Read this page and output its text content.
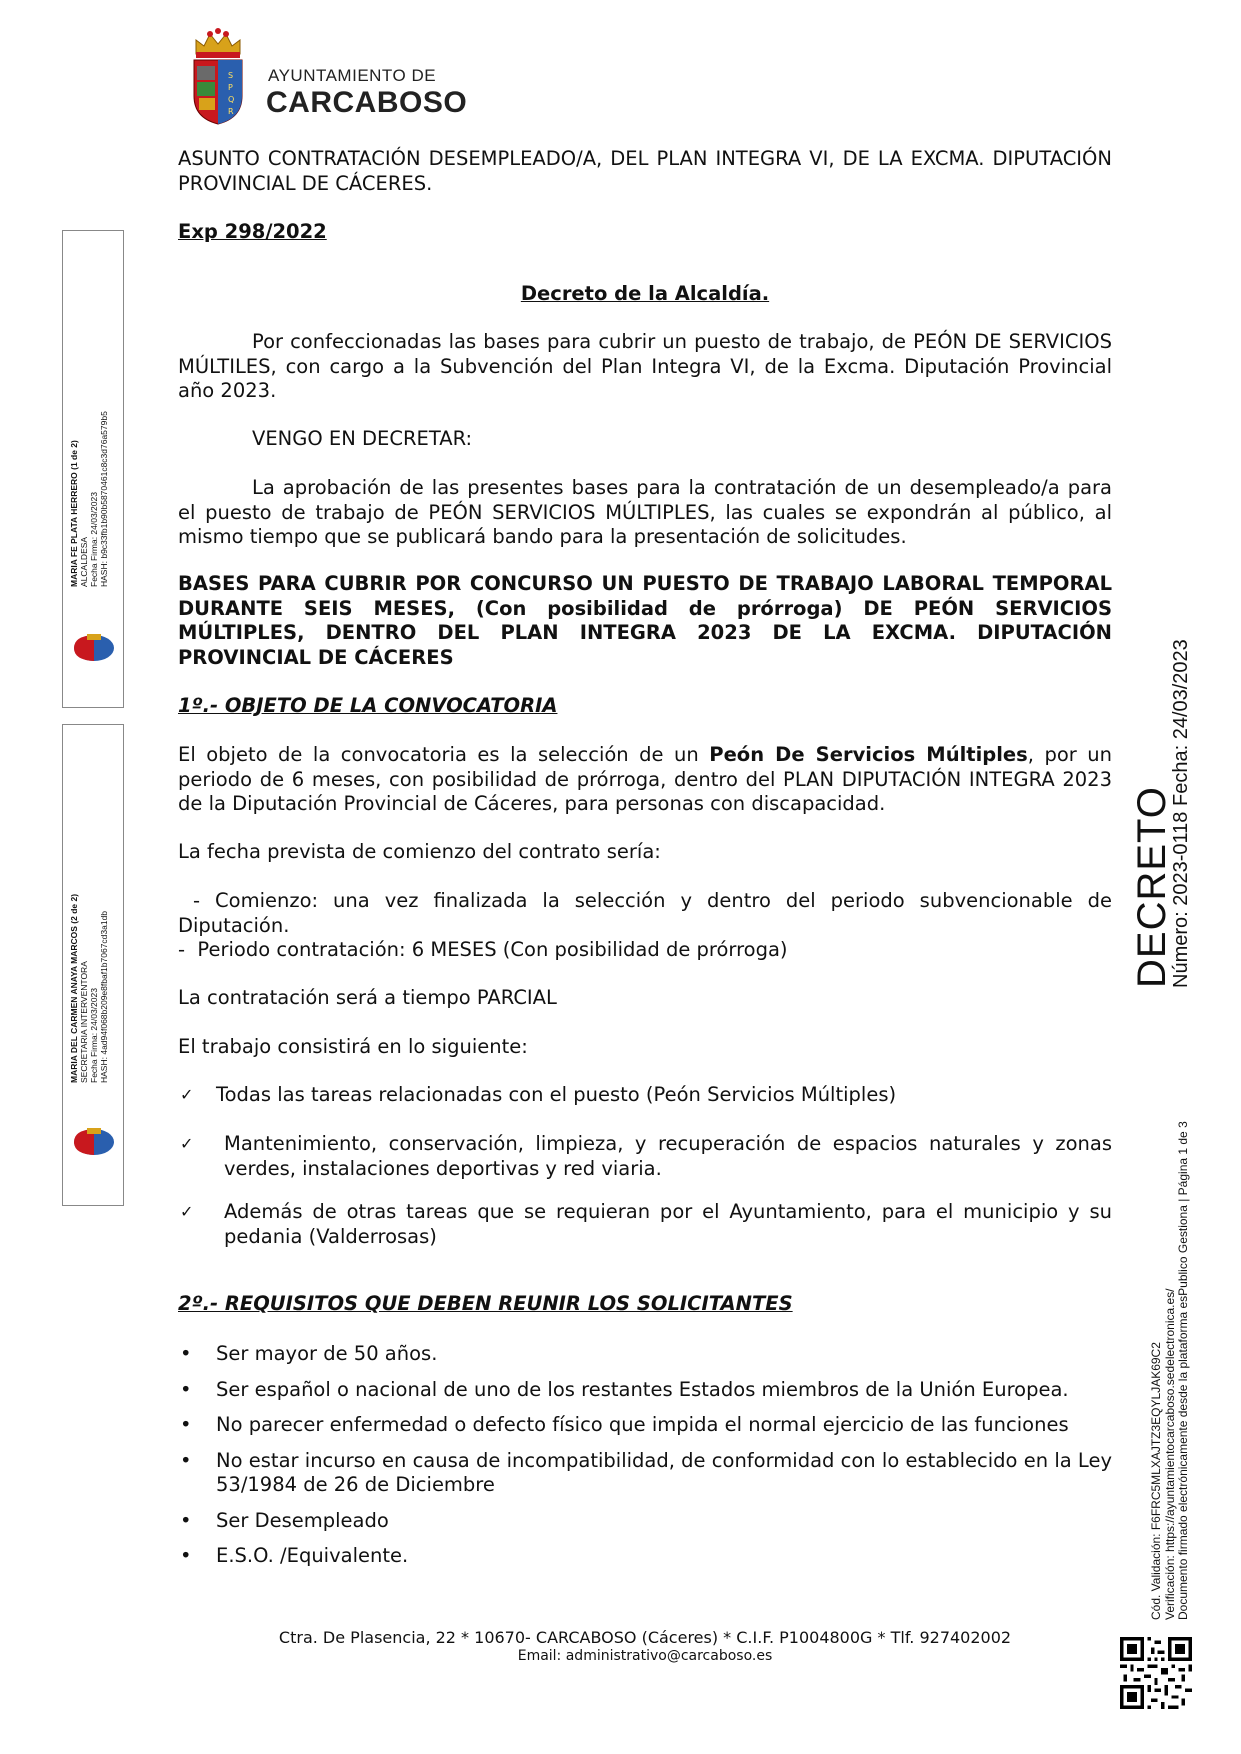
S
P
Q
R
AYUNTAMIENTO DE
CARCABOSO
ASUNTO CONTRATACIÓN DESEMPLEADO/A, DEL PLAN INTEGRA VI, DE LA EXCMA. DIPUTACIÓN PROVINCIAL DE CÁCERES.
Exp 298/2022
Decreto de la Alcaldía.
Por confeccionadas las bases para cubrir un puesto de trabajo, de PEÓN DE SERVICIOS MÚLTILES, con cargo a la Subvención del Plan Integra VI, de la Excma. Diputación Provincial año 2023.
VENGO EN DECRETAR:
La aprobación de las presentes bases para la contratación de un desempleado/a para el puesto de trabajo de PEÓN SERVICIOS MÚLTIPLES, las cuales se expondrán al público, al mismo tiempo que se publicará bando para la presentación de solicitudes.
BASES PARA CUBRIR POR CONCURSO UN PUESTO DE TRABAJO LABORAL TEMPORAL DURANTE SEIS MESES, (Con posibilidad de prórroga) DE PEÓN SERVICIOS MÚLTIPLES, DENTRO DEL PLAN INTEGRA 2023 DE LA EXCMA. DIPUTACIÓN PROVINCIAL DE CÁCERES
1º.- OBJETO DE LA CONVOCATORIA
El objeto de la convocatoria es la selección de un Peón De Servicios Múltiples, por un periodo de 6 meses, con posibilidad de prórroga, dentro del PLAN DIPUTACIÓN INTEGRA 2023 de la Diputación Provincial de Cáceres, para personas con discapacidad.
La fecha prevista de comienzo del contrato sería:
- Comienzo: una vez finalizada la selección y dentro del periodo subvencionable de Diputación.
-  Periodo contratación: 6 MESES (Con posibilidad de prórroga)
La contratación será a tiempo PARCIAL
El trabajo consistirá en lo siguiente:
✓ Todas las tareas relacionadas con el puesto (Peón Servicios Múltiples)
✓ Mantenimiento, conservación, limpieza, y recuperación de espacios naturales y zonas verdes, instalaciones deportivas y red viaria.
✓ Además de otras tareas que se requieran por el Ayuntamiento, para el municipio y su pedania (Valderrosas)
2º.- REQUISITOS QUE DEBEN REUNIR LOS SOLICITANTES
• Ser mayor de 50 años.
• Ser español o nacional de uno de los restantes Estados miembros de la Unión Europea.
• No parecer enfermedad o defecto físico que impida el normal ejercicio de las funciones
• No estar incurso en causa de incompatibilidad, de conformidad con lo establecido en la Ley 53/1984 de 26 de Diciembre
• Ser Desempleado
• E.S.O. /Equivalente.
Ctra. De Plasencia, 22 * 10670- CARCABOSO (Cáceres) * C.I.F. P1004800G * Tlf. 927402002
Email: administrativo@carcaboso.es
MARIA FE PLATA HERRERO (1 de 2) ALCALDESA Fecha Firma: 24/03/2023 HASH: b9c33fb1b90b5870461c8c3d76a579b5
MARIA DEL CARMEN ANAYA MARCOS (2 de 2) SECRETARIA INTERVENTORA Fecha Firma: 24/03/2023 HASH: 4ad94f068b209e8fbaf1b7067cd3a1db
DECRETO
Número: 2023-0118
Fecha: 24/03/2023
Cód. Validación: F6FRC5MLXAJTZ3EQYLJAK69C2 Verificación: https://ayuntamientocarcaboso.sedelectronica.es/ Documento firmado electrónicamente desde la plataforma esPublico Gestiona | Página 1 de 3
